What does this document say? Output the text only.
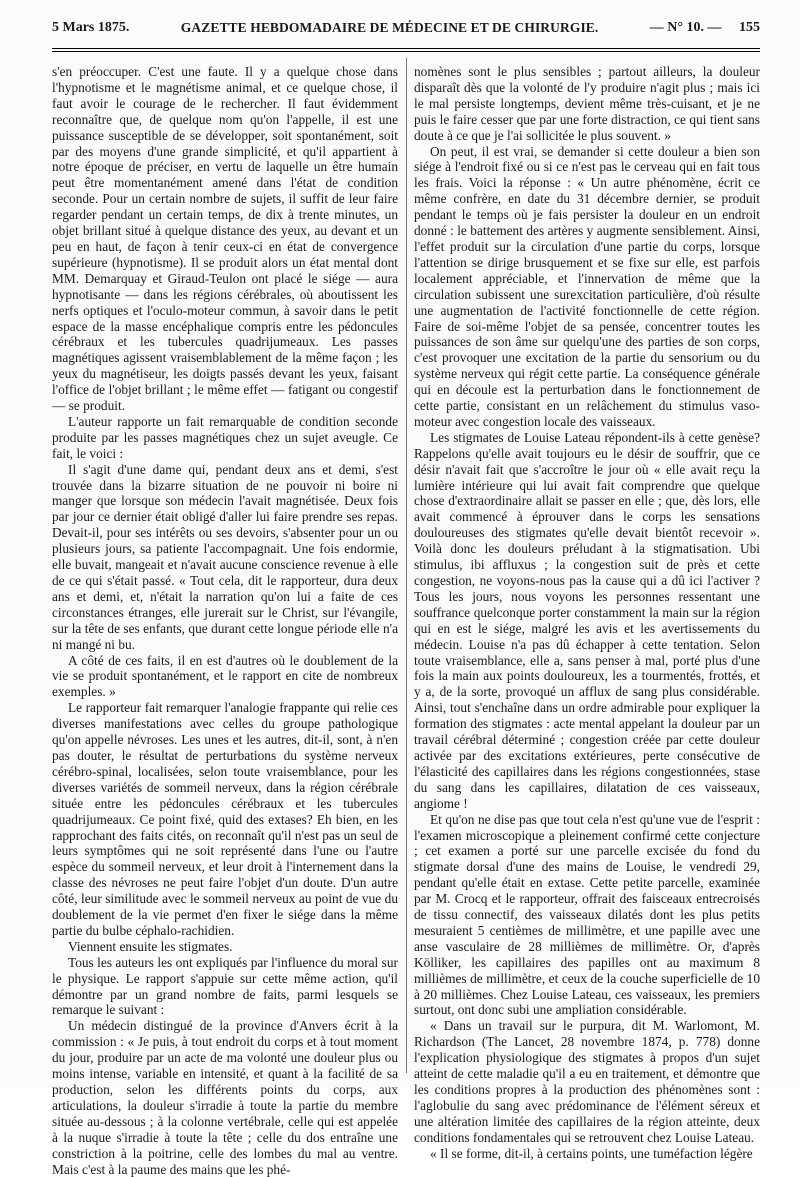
5 Mars 1875.	GAZETTE HEBDOMADAIRE DE MÉDECINE ET DE CHIRURGIE.	— N° 10. — 155

s'en préoccuper. C'est une faute. Il y a quelque chose dans l'hypnotisme et le magnétisme animal, et ce quelque chose, il faut avoir le courage de le rechercher. Il faut évidemment reconnaître que, de quelque nom qu'on l'appelle, il est une puissance susceptible de se développer, soit spontanément, soit par des moyens d'une grande simplicité, et qu'il appartient à notre époque de préciser, en vertu de laquelle un être humain peut être momentanément amené dans l'état de condition seconde. Pour un certain nombre de sujets, il suffit de leur faire regarder pendant un certain temps, de dix à trente minutes, un objet brillant situé à quelque distance des yeux, au devant et un peu en haut, de façon à tenir ceux-ci en état de convergence supérieure (hypnotisme). Il se produit alors un état mental dont MM. Demarquay et Giraud-Teulon ont placé le siége — aura hypnotisante — dans les régions cérébrales, où aboutissent les nerfs optiques et l'oculo-moteur commun, à savoir dans le petit espace de la masse encéphalique compris entre les pédoncules cérébraux et les tubercules quadrijumeaux. Les passes magnétiques agissent vraisemblablement de la même façon ; les yeux du magnétiseur, les doigts passés devant les yeux, faisant l'office de l'objet brillant ; le même effet — fatigant ou congestif — se produit.

L'auteur rapporte un fait remarquable de condition seconde produite par les passes magnétiques chez un sujet aveugle. Ce fait, le voici :

Il s'agit d'une dame qui, pendant deux ans et demi, s'est trouvée dans la bizarre situation de ne pouvoir ni boire ni manger que lorsque son médecin l'avait magnétisée. Deux fois par jour ce dernier était obligé d'aller lui faire prendre ses repas. Devait-il, pour ses intérêts ou ses devoirs, s'absenter pour un ou plusieurs jours, sa patiente l'accompagnait. Une fois endormie, elle buvait, mangeait et n'avait aucune conscience revenue à elle de ce qui s'était passé. « Tout cela, dit le rapporteur, dura deux ans et demi, et, n'était la narration qu'on lui a faite de ces circonstances étranges, elle jurerait sur le Christ, sur l'évangile, sur la tête de ses enfants, que durant cette longue période elle n'a ni mangé ni bu.

A côté de ces faits, il en est d'autres où le doublement de la vie se produit spontanément, et le rapport en cite de nombreux exemples. »

Le rapporteur fait remarquer l'analogie frappante qui relie ces diverses manifestations avec celles du groupe pathologique qu'on appelle névroses. Les unes et les autres, dit-il, sont, à n'en pas douter, le résultat de perturbations du système nerveux cérébro-spinal, localisées, selon toute vraisemblance, pour les diverses variétés de sommeil nerveux, dans la région cérébrale située entre les pédoncules cérébraux et les tubercules quadrijumeaux. Ce point fixé, quid des extases? Eh bien, en les rapprochant des faits cités, on reconnaît qu'il n'est pas un seul de leurs symptômes qui ne soit représenté dans l'une ou l'autre espèce du sommeil nerveux, et leur droit à l'internement dans la classe des névroses ne peut faire l'objet d'un doute. D'un autre côté, leur similitude avec le sommeil nerveux au point de vue du doublement de la vie permet d'en fixer le siége dans la même partie du bulbe céphalo-rachidien.

Viennent ensuite les stigmates.

Tous les auteurs les ont expliqués par l'influence du moral sur le physique. Le rapport s'appuie sur cette même action, qu'il démontre par un grand nombre de faits, parmi lesquels se remarque le suivant :

Un médecin distingué de la province d'Anvers écrit à la commission : « Je puis, à tout endroit du corps et à tout moment du jour, produire par un acte de ma volonté une douleur plus ou moins intense, variable en intensité, et quant à la facilité de sa production, selon les différents points du corps, aux articulations, la douleur s'irradie à toute la partie du membre située au-dessous ; à la colonne vertébrale, celle qui est appelée à la nuque s'irradie à toute la tête ; celle du dos entraîne une constriction à la poitrine, celle des lombes du mal au ventre. Mais c'est à la paume des mains que les phé-

nomènes sont le plus sensibles ; partout ailleurs, la douleur disparaît dès que la volonté de l'y produire n'agit plus ; mais ici le mal persiste longtemps, devient même très-cuisant, et je ne puis le faire cesser que par une forte distraction, ce qui tient sans doute à ce que je l'ai sollicitée le plus souvent. »

On peut, il est vrai, se demander si cette douleur a bien son siége à l'endroit fixé ou si ce n'est pas le cerveau qui en fait tous les frais. Voici la réponse : « Un autre phénomène, écrit ce même confrère, en date du 31 décembre dernier, se produit pendant le temps où je fais persister la douleur en un endroit donné : le battement des artères y augmente sensiblement. Ainsi, l'effet produit sur la circulation d'une partie du corps, lorsque l'attention se dirige brusquement et se fixe sur elle, est parfois localement appréciable, et l'innervation de même que la circulation subissent une surexcitation particulière, d'où résulte une augmentation de l'activité fonctionnelle de cette région. Faire de soi-même l'objet de sa pensée, concentrer toutes les puissances de son âme sur quelqu'une des parties de son corps, c'est provoquer une excitation de la partie du sensorium ou du système nerveux qui régit cette partie. La conséquence générale qui en découle est la perturbation dans le fonctionnement de cette partie, consistant en un relâchement du stimulus vaso-moteur avec congestion locale des vaisseaux.

Les stigmates de Louise Lateau répondent-ils à cette genèse? Rappelons qu'elle avait toujours eu le désir de souffrir, que ce désir n'avait fait que s'accroître le jour où « elle avait reçu la lumière intérieure qui lui avait fait comprendre que quelque chose d'extraordinaire allait se passer en elle ; que, dès lors, elle avait commencé à éprouver dans le corps les sensations douloureuses des stigmates qu'elle devait bientôt recevoir ». Voilà donc les douleurs préludant à la stigmatisation. Ubi stimulus, ibi affluxus ; la congestion suit de près et cette congestion, ne voyons-nous pas la cause qui a dû ici l'activer ? Tous les jours, nous voyons les personnes ressentant une souffrance quelconque porter constamment la main sur la région qui en est le siége, malgré les avis et les avertissements du médecin. Louise n'a pas dû échapper à cette tentation. Selon toute vraisemblance, elle a, sans penser à mal, porté plus d'une fois la main aux points douloureux, les a tourmentés, frottés, et y a, de la sorte, provoqué un afflux de sang plus considérable. Ainsi, tout s'enchaîne dans un ordre admirable pour expliquer la formation des stigmates : acte mental appelant la douleur par un travail cérébral déterminé ; congestion créée par cette douleur activée par des excitations extérieures, perte consécutive de l'élasticité des capillaires dans les régions congestionnées, stase du sang dans les capillaires, dilatation de ces vaisseaux, angiome !

Et qu'on ne dise pas que tout cela n'est qu'une vue de l'esprit : l'examen microscopique a pleinement confirmé cette conjecture ; cet examen a porté sur une parcelle excisée du fond du stigmate dorsal d'une des mains de Louise, le vendredi 29, pendant qu'elle était en extase. Cette petite parcelle, examinée par M. Crocq et le rapporteur, offrait des faisceaux entrecroisés de tissu connectif, des vaisseaux dilatés dont les plus petits mesuraient 5 centièmes de millimètre, et une papille avec une anse vasculaire de 28 millièmes de millimètre. Or, d'après Kölliker, les capillaires des papilles ont au maximum 8 millièmes de millimètre, et ceux de la couche superficielle de 10 à 20 millièmes. Chez Louise Lateau, ces vaisseaux, les premiers surtout, ont donc subi une ampliation considérable.

« Dans un travail sur le purpura, dit M. Warlomont, M. Richardson (The Lancet, 28 novembre 1874, p. 778) donne l'explication physiologique des stigmates à propos d'un sujet atteint de cette maladie qu'il a eu en traitement, et démontre que les conditions propres à la production des phénomènes sont : l'aglobulie du sang avec prédominance de l'élément séreux et une altération limitée des capillaires de la région atteinte, deux conditions fondamentales qui se retrouvent chez Louise Lateau.

« Il se forme, dit-il, à certains points, une tuméfaction légère
